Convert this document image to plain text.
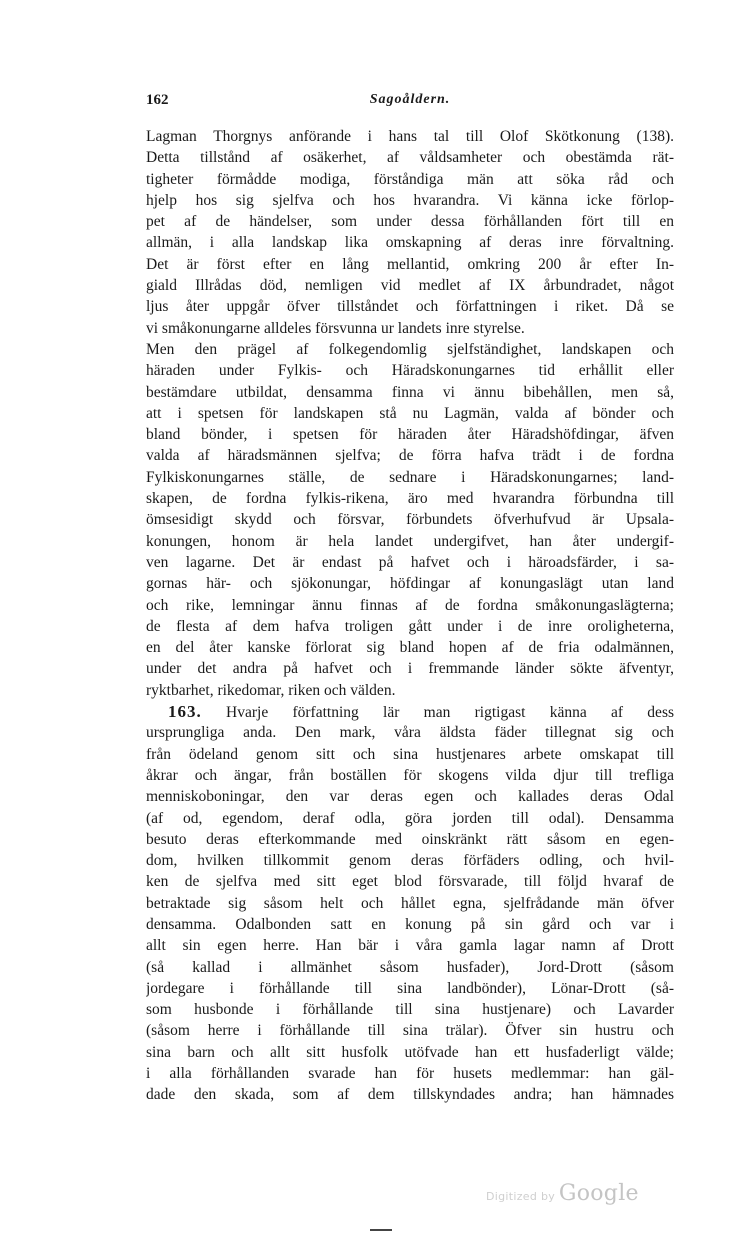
162	Sagoåldern.
Lagman Thorgnys anförande i hans tal till Olof Skötkonung (138).
Detta tillstånd af osäkerhet, af våldsamheter och obestämda rät-
tigheter förmådde modiga, förståndiga män att söka råd och
hjelp hos sig sjelfva och hos hvarandra. Vi känna icke förlop-
pet af de händelser, som under dessa förhållanden fört till en
allmän, i alla landskap lika omskapning af deras inre förvaltning.
Det är först efter en lång mellantid, omkring 200 år efter In-
giald Illrådas död, nemligen vid medlet af IX årbundradet, något
ljus åter uppgår öfver tillståndet och författningen i riket. Då se
vi småkonungarne alldeles försvunna ur landets inre styrelse.
Men den prägel af folkegendomlig sjelfständighet, landskapen och
häraden under Fylkis- och Häradskonungarnes tid erhållit eller
bestämdare utbildat, densamma finna vi ännu bibehållen, men så,
att i spetsen för landskapen stå nu Lagmän, valda af bönder och
bland bönder, i spetsen för häraden åter Häradshöfdingar, äfven
valda af häradsmännen sjelfva; de förra hafva trädt i de fordna
Fylkiskonungarnes ställe, de sednare i Häradskonungarnes; land-
skapen, de fordna fylkis-rikena, äro med hvarandra förbundna till
ömsesidigt skydd och försvar, förbundets öfverhufvud är Upsala-
konungen, honom är hela landet undergifvet, han åter undergif-
ven lagarne. Det är endast på hafvet och i häroadsfärder, i sa-
gornas här- och sjökonungar, höfdingar af konungaslägt utan land
och rike, lemningar ännu finnas af de fordna småkonungaslägterna;
de flesta af dem hafva troligen gått under i de inre oroligheterna,
en del åter kanske förlorat sig bland hopen af de fria odalmännen,
under det andra på hafvet och i fremmande länder sökte äfventyr,
ryktbarhet, rikedomar, riken och välden.
163. Hvarje författning lär man rigtigast känna af dess
ursprungliga anda. Den mark, våra äldsta fäder tillegnat sig och
från ödeland genom sitt och sina hustjenares arbete omskapat till
åkrar och ängar, från boställen för skogens vilda djur till trefliga
menniskoboningar, den var deras egen och kallades deras Odal
(af od, egendom, deraf odla, göra jorden till odal). Densamma
besuto deras efterkommande med oinskränkt rätt såsom en egen-
dom, hvilken tillkommit genom deras förfäders odling, och hvil-
ken de sjelfva med sitt eget blod försvarade, till följd hvaraf de
betraktade sig såsom helt och hållet egna, sjelfrådande män öfver
densamma. Odalbonden satt en konung på sin gård och var i
allt sin egen herre. Han bär i våra gamla lagar namn af Drott
(så kallad i allmänhet såsom husfader), Jord-Drott (såsom
jordegare i förhållande till sina landbönder), Lönar-Drott (så-
som husbonde i förhållande till sina hustjenare) och Lavarder
(såsom herre i förhållande till sina trälar). Öfver sin hustru och
sina barn och allt sitt husfolk utöfvade han ett husfaderligt välde;
i alla förhållanden svarade han för husets medlemmar: han gäl-
dade den skada, som af dem tillskyndades andra; han hämnades
Digitized by Google
